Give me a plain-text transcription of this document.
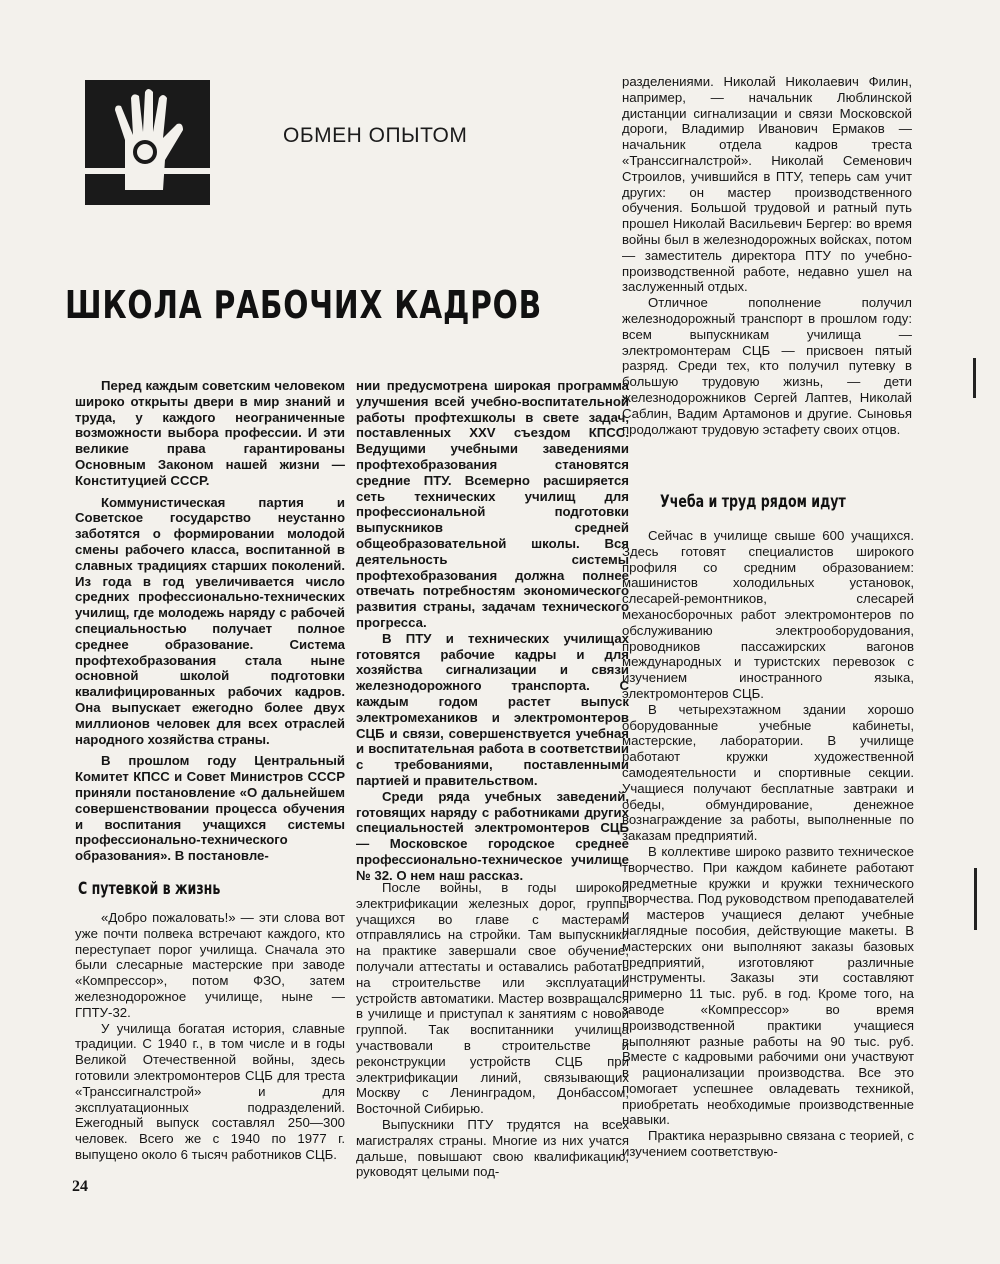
ОБМЕН ОПЫТОМ
ШКОЛА РАБОЧИХ КАДРОВ

Перед каждым советским человеком широко открыты двери в мир знаний и труда, у каждого неограниченные возможности выбора профессии. И эти великие права гарантированы Основным Законом нашей жизни — Конституцией СССР.

Коммунистическая партия и Советское государство неустанно заботятся о формировании молодой смены рабочего класса, воспитанной в славных традициях старших поколений. Из года в год увеличивается число средних профессионально-технических училищ, где молодежь наряду с рабочей специальностью получает полное среднее образование. Система профтехобразования стала ныне основной школой подготовки квалифицированных рабочих кадров. Она выпускает ежегодно более двух миллионов человек для всех отраслей народного хозяйства страны.

В прошлом году Центральный Комитет КПСС и Совет Министров СССР приняли постановление «О дальнейшем совершенствовании процесса обучения и воспитания учащихся системы профессионально-технического образования». В постановле-

нии предусмотрена широкая программа улучшения всей учебно-воспитательной работы профтехшколы в свете задач, поставленных XXV съездом КПСС. Ведущими учебными заведениями профтехобразования становятся средние ПТУ. Всемерно расширяется сеть технических училищ для профессиональной подготовки выпускников средней общеобразовательной школы. Вся деятельность системы профтехобразования должна полнее отвечать потребностям экономического развития страны, задачам технического прогресса.

В ПТУ и технических училищах готовятся рабочие кадры и для хозяйства сигнализации и связи железнодорожного транспорта. С каждым годом растет выпуск электромехаников и электромонтеров СЦБ и связи, совершенствуется учебная и воспитательная работа в соответствии с требованиями, поставленными партией и правительством.

Среди ряда учебных заведений, готовящих наряду с работниками других специальностей электромонтеров СЦБ — Московское городское среднее профессионально-техническое училище № 32. О нем наш рассказ.

разделениями. Николай Николаевич Филин, например, — начальник Люблинской дистанции сигнализации и связи Московской дороги, Владимир Иванович Ермаков — начальник отдела кадров треста «Транссигналстрой». Николай Семенович Строилов, учившийся в ПТУ, теперь сам учит других: он мастер производственного обучения. Большой трудовой и ратный путь прошел Николай Васильевич Бергер: во время войны был в железнодорожных войсках, потом — заместитель директора ПТУ по учебно-производственной работе, недавно ушел на заслуженный отдых.

Отличное пополнение получил железнодорожный транспорт в прошлом году: всем выпускникам училища — электромонтерам СЦБ — присвоен пятый разряд. Среди тех, кто получил путевку в большую трудовую жизнь, — дети железнодорожников Сергей Лаптев, Николай Саблин, Вадим Артамонов и другие. Сыновья продолжают трудовую эстафету своих отцов.

С путевкой в жизнь
Учеба и труд рядом идут

«Добро пожаловать!» — эти слова вот уже почти полвека встречают каждого, кто переступает порог училища. Сначала это были слесарные мастерские при заводе «Компрессор», потом ФЗО, затем железнодорожное училище, ныне — ГПТУ-32.

У училища богатая история, славные традиции. С 1940 г., в том числе и в годы Великой Отечественной войны, здесь готовили электромонтеров СЦБ для треста «Транссигналстрой» и для эксплуатационных подразделений. Ежегодный выпуск составлял 250—300 человек. Всего же с 1940 по 1977 г. выпущено около 6 тысяч работников СЦБ.

После войны, в годы широкой электрификации железных дорог, группы учащихся во главе с мастерами отправлялись на стройки. Там выпускники на практике завершали свое обучение, получали аттестаты и оставались работать на строительстве или эксплуатации устройств автоматики. Мастер возвращался в училище и приступал к занятиям с новой группой. Так воспитанники училища участвовали в строительстве и реконструкции устройств СЦБ при электрификации линий, связывающих Москву с Ленинградом, Донбассом, Восточной Сибирью.

Выпускники ПТУ трудятся на всех магистралях страны. Многие из них учатся дальше, повышают свою квалификацию, руководят целыми под-

Сейчас в училище свыше 600 учащихся. Здесь готовят специалистов широкого профиля со средним образованием: машинистов холодильных установок, слесарей-ремонтников, слесарей механосборочных работ электромонтеров по обслуживанию электрооборудования, проводников пассажирских вагонов международных и туристских перевозок с изучением иностранного языка, электромонтеров СЦБ.

В четырехэтажном здании хорошо оборудованные учебные кабинеты, мастерские, лаборатории. В училище работают кружки художественной самодеятельности и спортивные секции. Учащиеся получают бесплатные завтраки и обеды, обмундирование, денежное вознаграждение за работы, выполненные по заказам предприятий.

В коллективе широко развито техническое творчество. При каждом кабинете работают предметные кружки и кружки технического творчества. Под руководством преподавателей и мастеров учащиеся делают учебные наглядные пособия, действующие макеты. В мастерских они выполняют заказы базовых предприятий, изготовляют различные инструменты. Заказы эти составляют примерно 11 тыс. руб. в год. Кроме того, на заводе «Компрессор» во время производственной практики учащиеся выполняют разные работы на 90 тыс. руб. Вместе с кадровыми рабочими они участвуют в рационализации производства. Все это помогает успешнее овладевать техникой, приобретать необходимые производственные навыки.

Практика неразрывно связана с теорией, с изучением соответствую-

24
